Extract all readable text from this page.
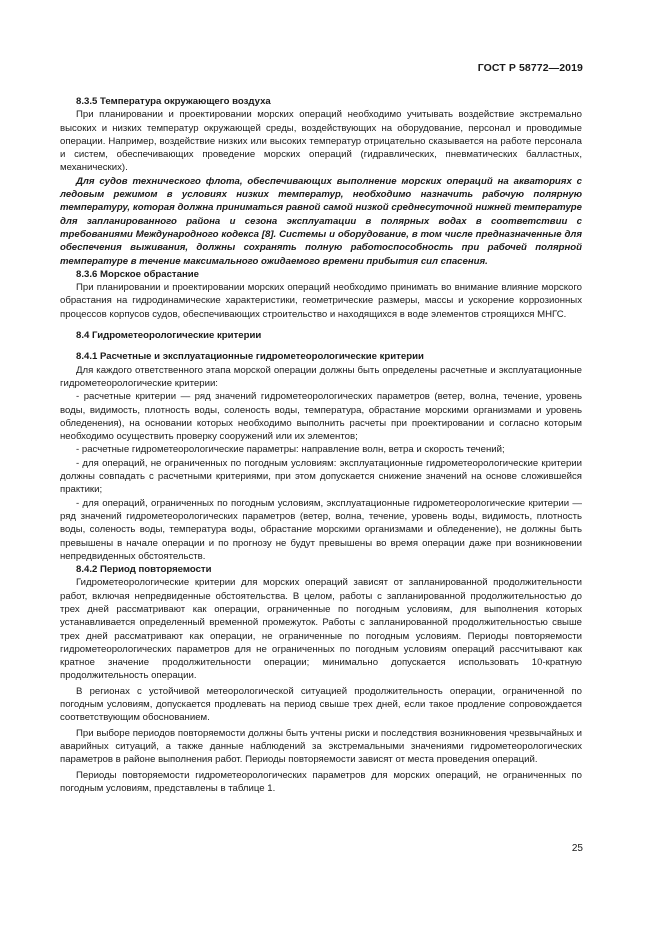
ГОСТ Р 58772—2019

8.3.5 Температура окружающего воздуха

При планировании и проектировании морских операций необходимо учитывать воздействие экстремально высоких и низких температур окружающей среды, воздействующих на оборудование, персонал и проводимые операции. Например, воздействие низких или высоких температур отрицательно сказывается на работе персонала и систем, обеспечивающих проведение морских операций (гидравлических, пневматических балластных, механических).

Для судов технического флота, обеспечивающих выполнение морских операций на акваториях с ледовым режимом в условиях низких температур, необходимо назначить рабочую полярную температуру, которая должна приниматься равной самой низкой среднесуточной нижней температуре для запланированного района и сезона эксплуатации в полярных водах в соответствии с требованиями Международного кодекса [8]. Системы и оборудование, в том числе предназначенные для обеспечения выживания, должны сохранять полную работоспособность при рабочей полярной температуре в течение максимального ожидаемого времени прибытия сил спасения.

8.3.6 Морское обрастание

При планировании и проектировании морских операций необходимо принимать во внимание влияние морского обрастания на гидродинамические характеристики, геометрические размеры, массы и ускорение коррозионных процессов корпусов судов, обеспечивающих строительство и находящихся в воде элементов строящихся МНГС.

8.4 Гидрометеорологические критерии

8.4.1 Расчетные и эксплуатационные гидрометеорологические критерии

Для каждого ответственного этапа морской операции должны быть определены расчетные и эксплуатационные гидрометеорологические критерии:

- расчетные критерии — ряд значений гидрометеорологических параметров (ветер, волна, течение, уровень воды, видимость, плотность воды, соленость воды, температура, обрастание морскими организмами и уровень обледенения), на основании которых необходимо выполнить расчеты при проектировании и согласно которым необходимо осуществить проверку сооружений или их элементов;

- расчетные гидрометеорологические параметры: направление волн, ветра и скорость течений;

- для операций, не ограниченных по погодным условиям: эксплуатационные гидрометеорологические критерии должны совпадать с расчетными критериями, при этом допускается снижение значений на основе сложившейся практики;

- для операций, ограниченных по погодным условиям, эксплуатационные гидрометеорологические критерии — ряд значений гидрометеорологических параметров (ветер, волна, течение, уровень воды, видимость, плотность воды, соленость воды, температура воды, обрастание морскими организмами и обледенение), не должны быть превышены в начале операции и по прогнозу не будут превышены во время операции даже при возникновении непредвиденных обстоятельств.

8.4.2 Период повторяемости

Гидрометеорологические критерии для морских операций зависят от запланированной продолжительности работ, включая непредвиденные обстоятельства. В целом, работы с запланированной продолжительностью до трех дней рассматривают как операции, ограниченные по погодным условиям, для выполнения которых устанавливается определенный временной промежуток. Работы с запланированной продолжительностью свыше трех дней рассматривают как операции, не ограниченные по погодным условиям. Периоды повторяемости гидрометеорологических параметров для не ограниченных по погодным условиям операций рассчитывают как кратное значение продолжительности операции; минимально допускается использовать 10-кратную продолжительность операции.

В регионах с устойчивой метеорологической ситуацией продолжительность операции, ограниченной по погодным условиям, допускается продлевать на период свыше трех дней, если такое продление сопровождается соответствующим обоснованием.

При выборе периодов повторяемости должны быть учтены риски и последствия возникновения чрезвычайных и аварийных ситуаций, а также данные наблюдений за экстремальными значениями гидрометеорологических параметров в районе выполнения работ. Периоды повторяемости зависят от места проведения операций.

Периоды повторяемости гидрометеорологических параметров для морских операций, не ограниченных по погодным условиям, представлены в таблице 1.

25
